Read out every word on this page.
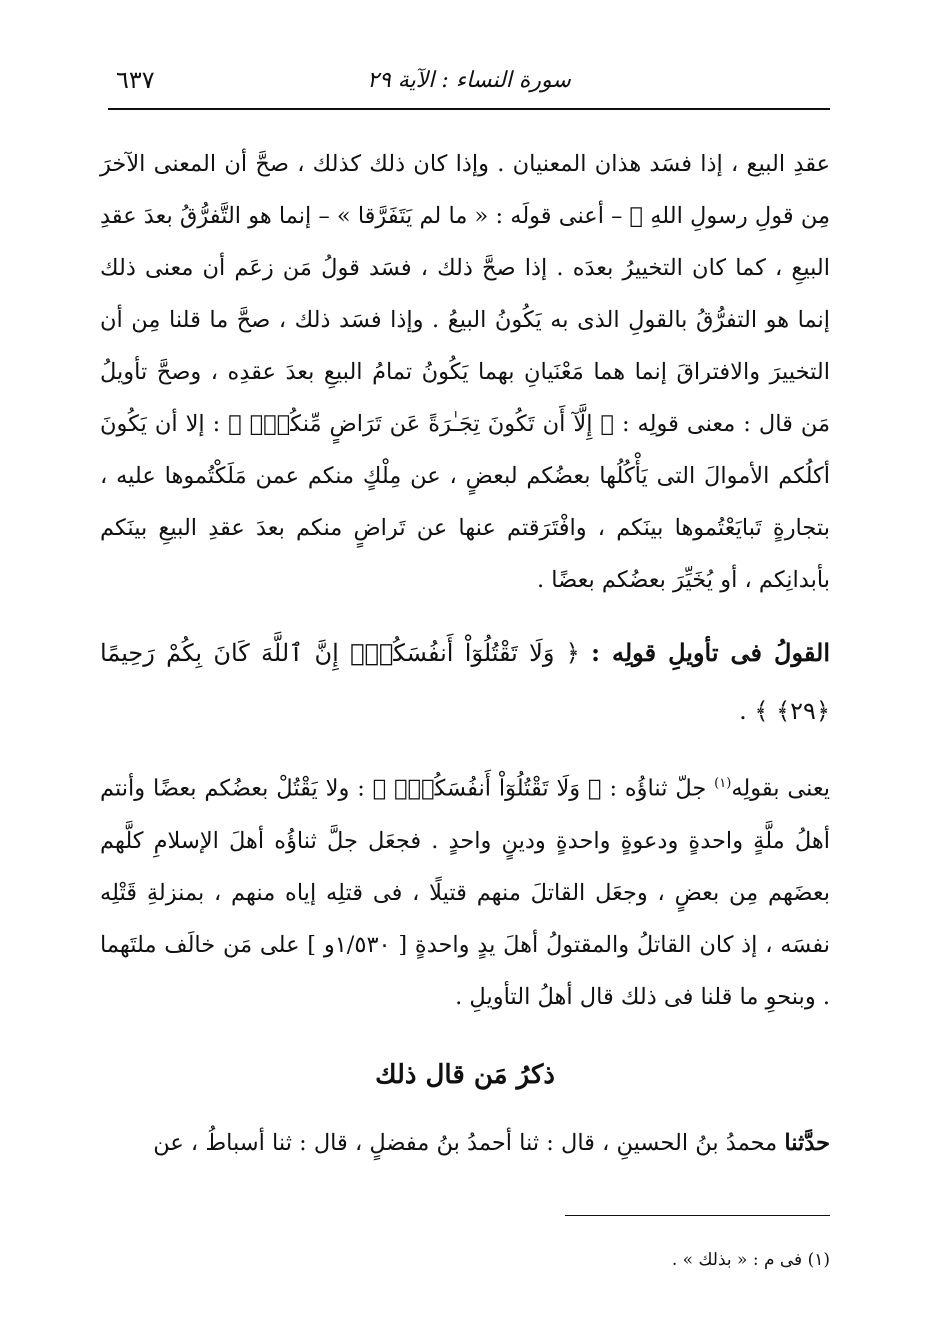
سورة النساء : الآية ٢٩
٦٣٧

عقدِ البيع ، إذا فسَد هذان المعنيان . وإذا كان ذلك كذلك ، صحَّ أن المعنى الآخرَ مِن قولِ رسولِ اللهِ ﷺ – أعنى قولَه : « ما لم يَتَفَرَّقا » – إنما هو التَّفرُّقُ بعدَ عقدِ البيعِ ، كما كان التخييرُ بعدَه . إذا صحَّ ذلك ، فسَد قولُ مَن زعَم أن معنى ذلك إنما هو التفرُّقُ بالقولِ الذى به يَكُونُ البيعُ . وإذا فسَد ذلك ، صحَّ ما قلنا مِن أن التخييرَ والافتراقَ إنما هما مَعْنَيانِ بهما يَكُونُ تمامُ البيعِ بعدَ عقدِه ، وصحَّ تأويلُ مَن قال : معنى قولِه : ﴿ إِلَّآ أَن تَكُونَ تِجَـٰرَةً عَن تَرَاضٍ مِّنكُمْۚ ﴾ : إلا أن يَكُونَ أكلُكم الأموالَ التى يَأْكُلُها بعضُكم لبعضٍ ، عن مِلْكٍ منكم عمن مَلَكْتُموها عليه ، بتجارةٍ تَبايَعْتُموها بينَكم ، وافْتَرَقتم عنها عن تَراضٍ منكم بعدَ عقدِ البيعِ بينَكم بأبدانِكم ، أو يُخَيِّرَ بعضُكم بعضًا .

القولُ فى تأويلِ قولِه : ﴿ وَلَا تَقْتُلُوٓاْ أَنفُسَكُمْۚ إِنَّ ٱللَّهَ كَانَ بِكُمْ رَحِيمًا ﴿٢٩﴾ ﴾ .

يعنى بقولِه$^{(١)}$ جلّ ثناؤُه : ﴿ وَلَا تَقْتُلُوٓاْ أَنفُسَكُمْۚ ﴾ : ولا يَقْتُلْ بعضُكم بعضًا وأنتم أهلُ ملَّةٍ واحدةٍ ودعوةٍ واحدةٍ ودينٍ واحدٍ . فجعَل جلَّ ثناؤُه أهلَ الإسلامِ كلَّهم بعضَهم مِن بعضٍ ، وجعَل القاتلَ منهم قتيلًا ، فى قتلِه إياه منهم ، بمنزلةِ قَتْلِه نفسَه ، إذ كان القاتلُ والمقتولُ أهلَ يدٍ واحدةٍ [ ١/٥٣٠و ] على مَن خالَف ملتَهما . وبنحوِ ما قلنا فى ذلك قال أهلُ التأويلِ .

ذكرُ مَن قال ذلك

حدَّثنا محمدُ بنُ الحسينِ ، قال : ثنا أحمدُ بنُ مفضلٍ ، قال : ثنا أسباطُ ، عن

(١) فى م : « بذلك » .
